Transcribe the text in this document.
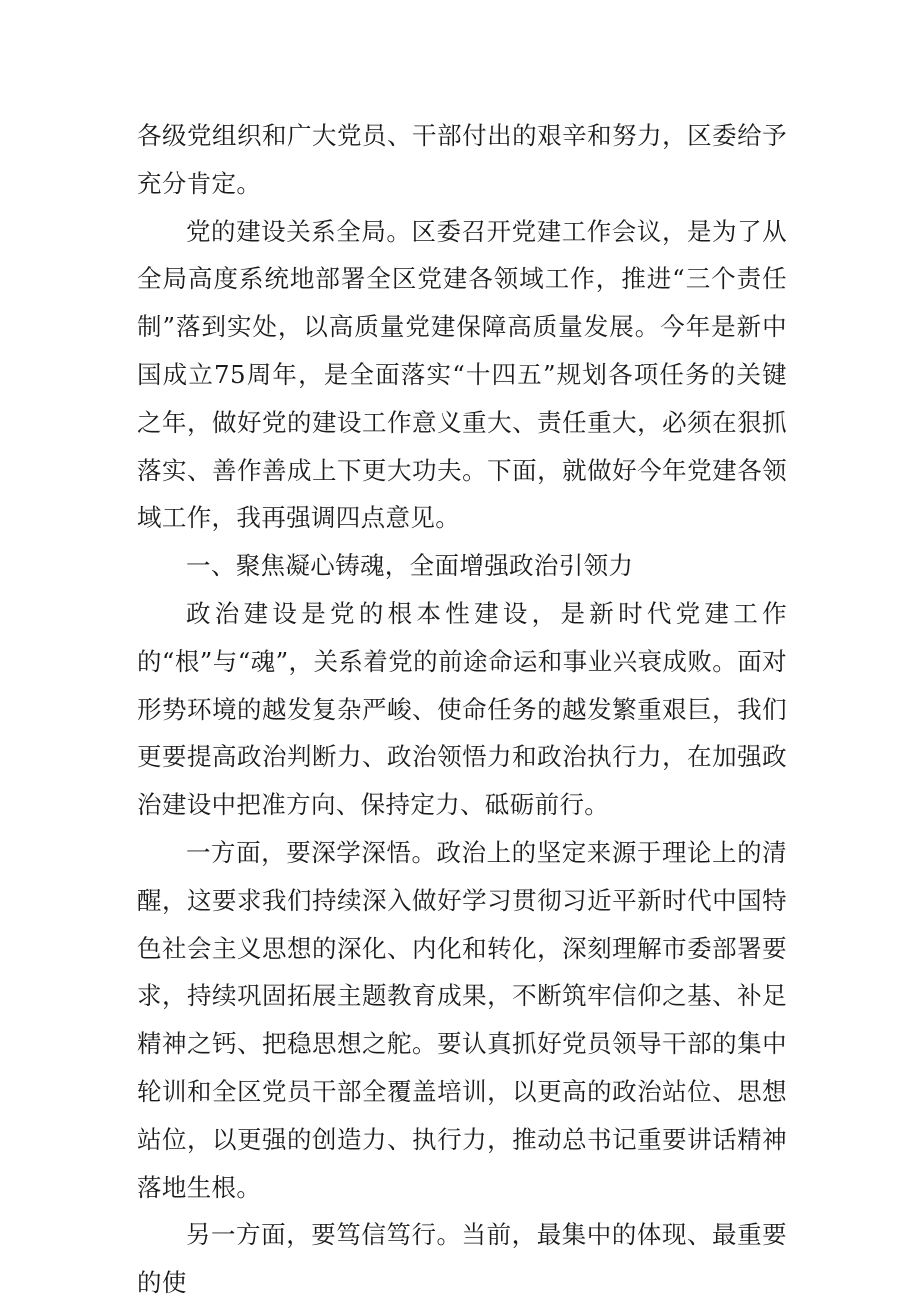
各级党组织和广大党员、干部付出的艰辛和努力，区委给予充分肯定。

党的建设关系全局。区委召开党建工作会议，是为了从全局高度系统地部署全区党建各领域工作，推进“三个责任制”落到实处，以高质量党建保障高质量发展。今年是新中国成立75周年，是全面落实“十四五”规划各项任务的关键之年，做好党的建设工作意义重大、责任重大，必须在狠抓落实、善作善成上下更大功夫。下面，就做好今年党建各领域工作，我再强调四点意见。

一、聚焦凝心铸魂，全面增强政治引领力

政治建设是党的根本性建设，是新时代党建工作的“根”与“魂”，关系着党的前途命运和事业兴衰成败。面对形势环境的越发复杂严峻、使命任务的越发繁重艰巨，我们更要提高政治判断力、政治领悟力和政治执行力，在加强政治建设中把准方向、保持定力、砥砺前行。

一方面，要深学深悟。政治上的坚定来源于理论上的清醒，这要求我们持续深入做好学习贯彻习近平新时代中国特色社会主义思想的深化、内化和转化，深刻理解市委部署要求，持续巩固拓展主题教育成果，不断筑牢信仰之基、补足精神之钙、把稳思想之舵。要认真抓好党员领导干部的集中轮训和全区党员干部全覆盖培训，以更高的政治站位、思想站位，以更强的创造力、执行力，推动总书记重要讲话精神落地生根。

另一方面，要笃信笃行。当前，最集中的体现、最重要的使
